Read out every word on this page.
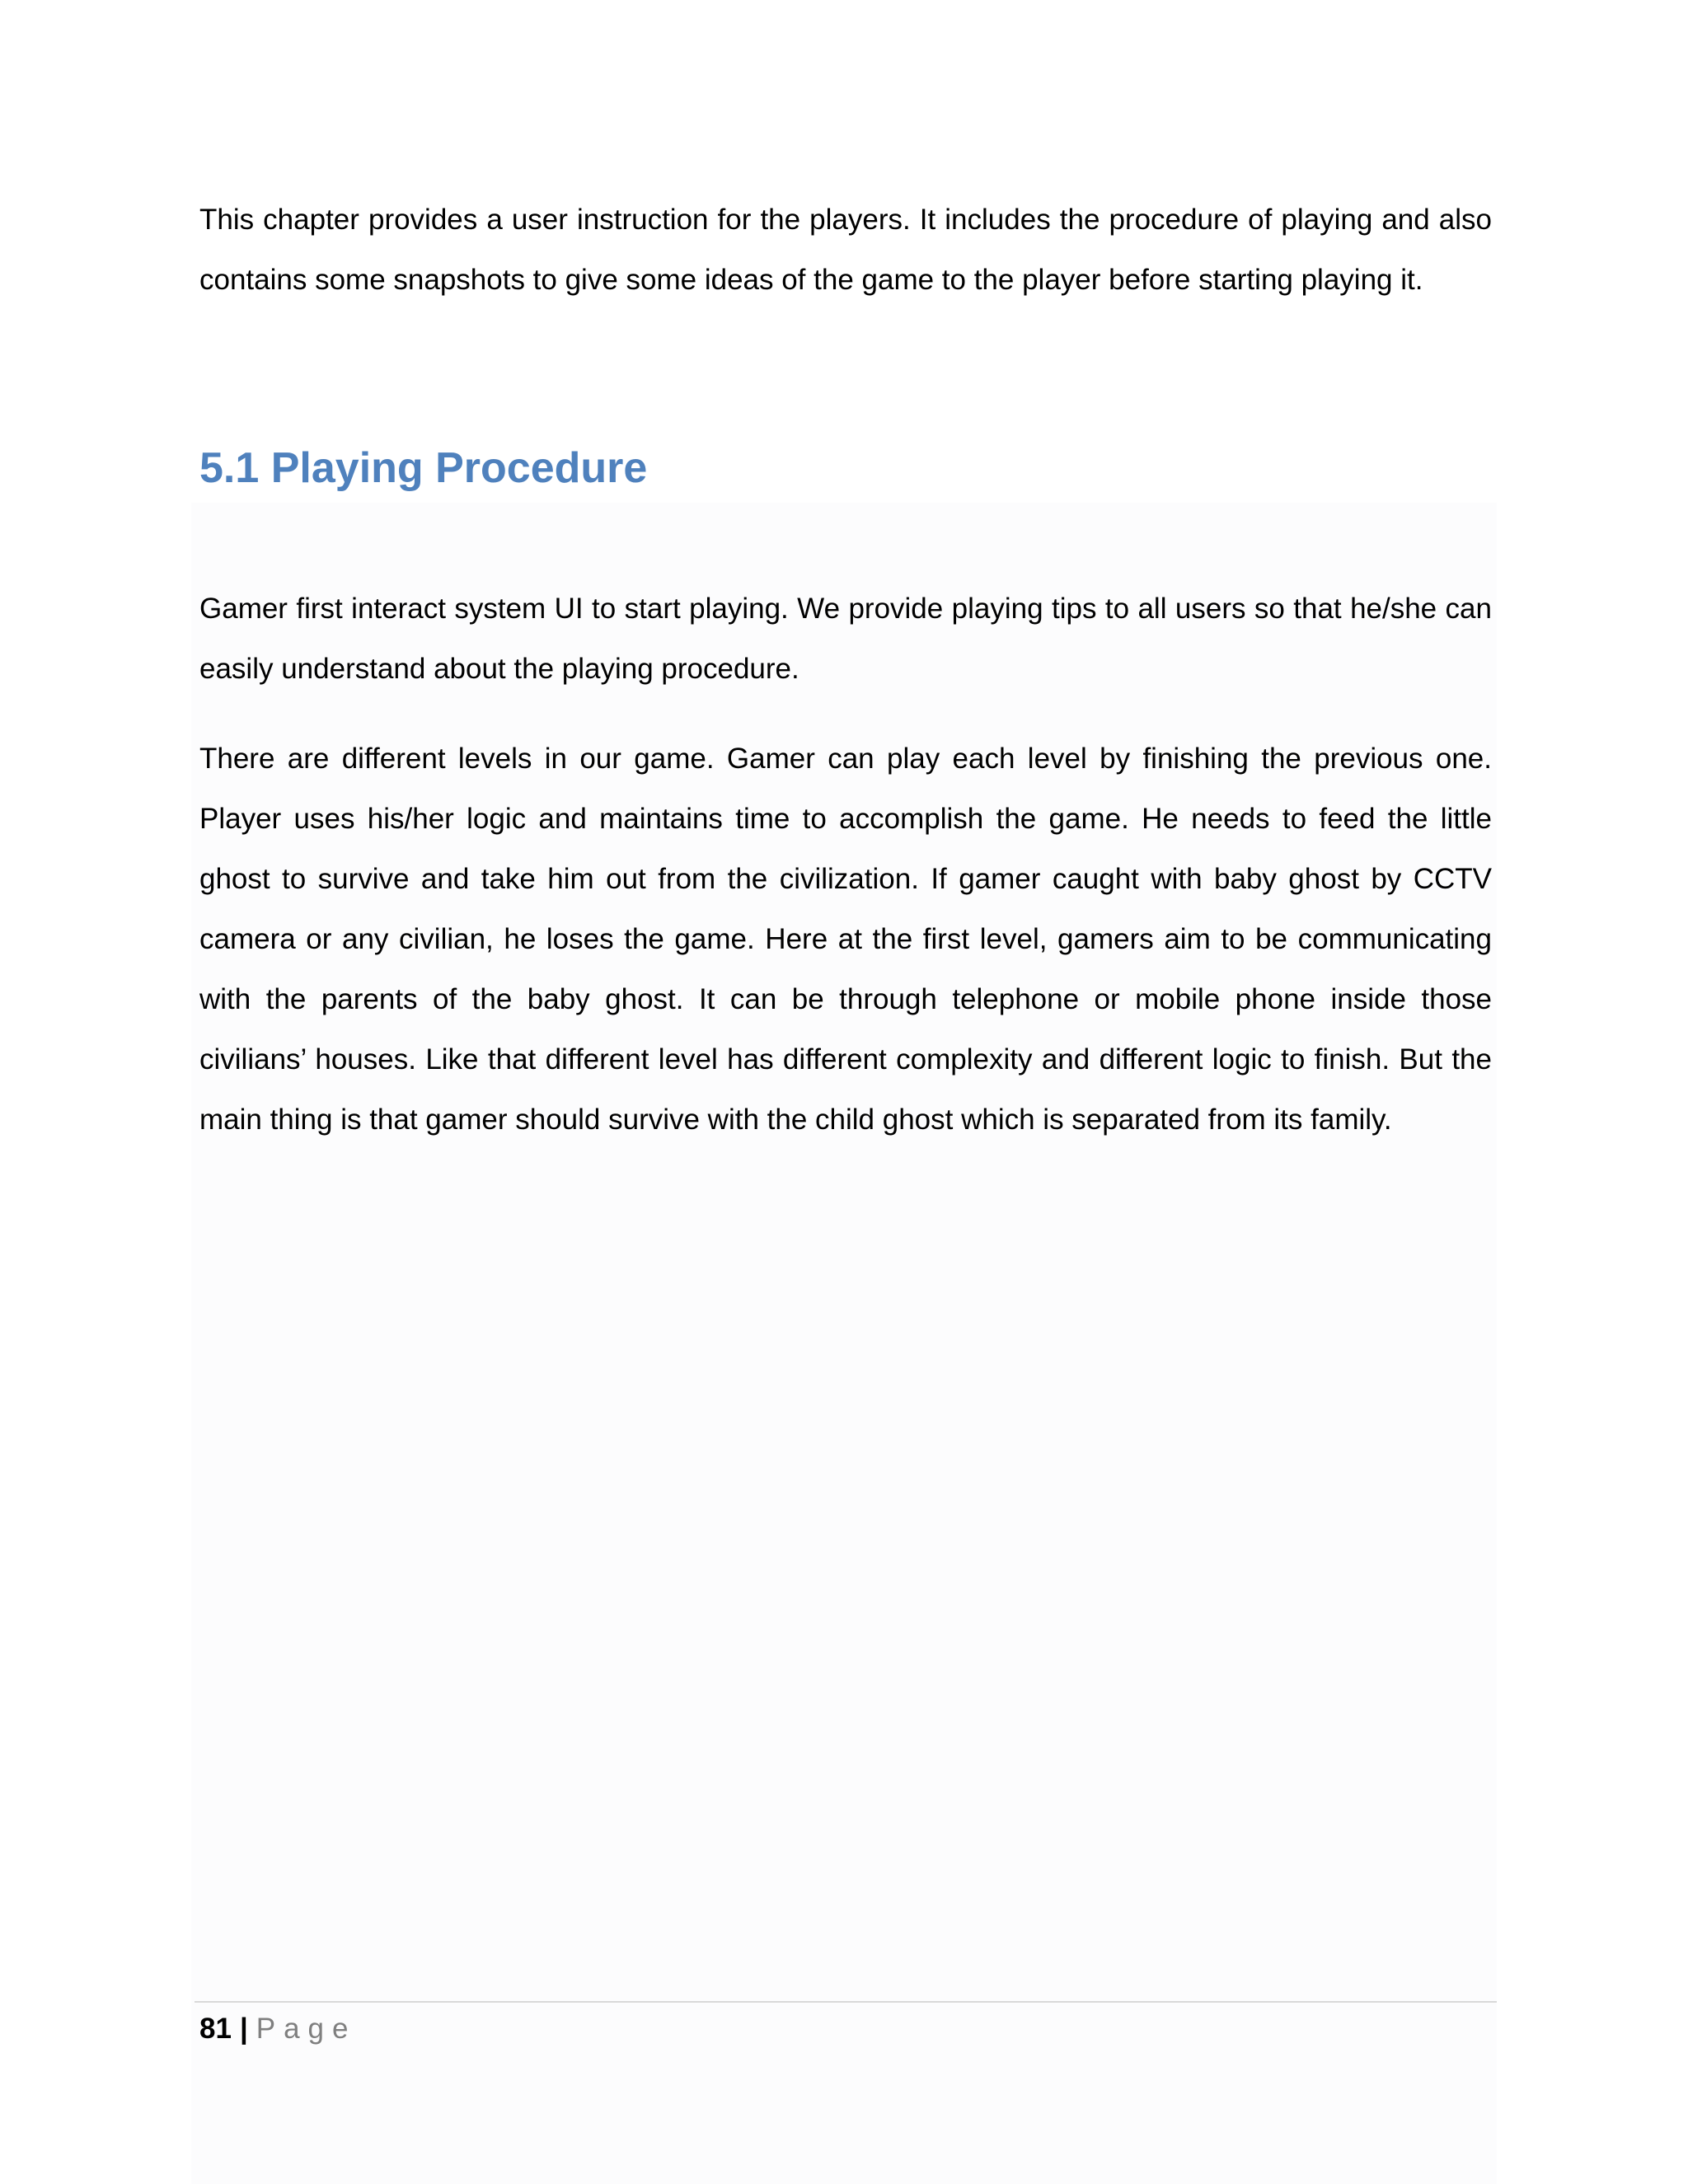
This chapter provides a user instruction for the players. It includes the procedure of playing and also contains some snapshots to give some ideas of the game to the player before starting playing it.

5.1 Playing Procedure

Gamer first interact system UI to start playing. We provide playing tips to all users so that he/she can easily understand about the playing procedure.

There are different levels in our game. Gamer can play each level by finishing the previous one. Player uses his/her logic and maintains time to accomplish the game. He needs to feed the little ghost to survive and take him out from the civilization. If gamer caught with baby ghost by CCTV camera or any civilian, he loses the game. Here at the first level, gamers aim to be communicating with the parents of the baby ghost. It can be through telephone or mobile phone inside those civilians’ houses. Like that different level has different complexity and different logic to finish. But the main thing is that gamer should survive with the child ghost which is separated from its family.

81 | Page
